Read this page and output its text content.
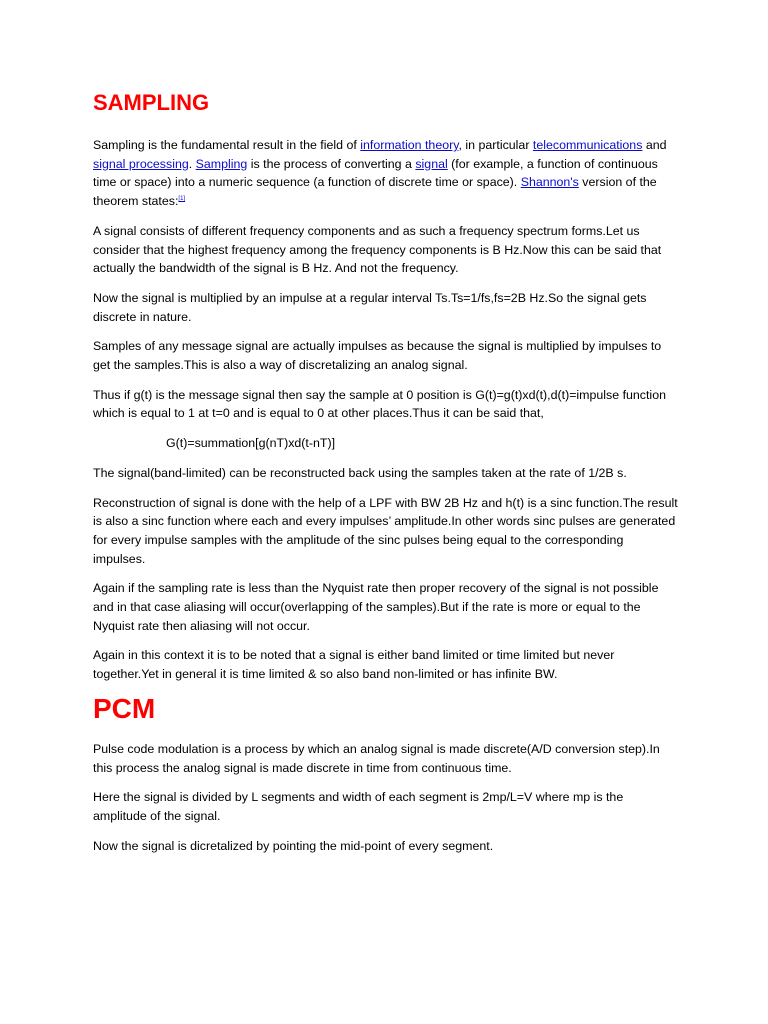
SAMPLING

Sampling is the fundamental result in the field of information theory, in particular telecommunications and signal processing. Sampling is the process of converting a signal (for example, a function of continuous time or space) into a numeric sequence (a function of discrete time or space). Shannon's version of the theorem states:[1]

A signal consists of different frequency components and as such a frequency spectrum forms.Let us consider that the highest frequency among the frequency components is B Hz.Now this can be said that actually the bandwidth of the signal is B Hz. And not the frequency.

Now the signal is multiplied by an impulse at a regular interval Ts.Ts=1/fs,fs=2B Hz.So the signal gets discrete in nature.

Samples of any message signal are actually impulses as because the signal is multiplied by impulses to get the samples.This is also a way of discretalizing an analog signal.

Thus if g(t) is the message signal then say the sample at 0 position is G(t)=g(t)xd(t),d(t)=impulse function which is equal to 1 at t=0 and is equal to 0 at other places.Thus it can be said that,

G(t)=summation[g(nT)xd(t-nT)]

The signal(band-limited) can be reconstructed back using the samples taken at the rate of 1/2B s.

Reconstruction of signal is done with the help of a LPF with BW 2B Hz and h(t) is a sinc function.The result is also a sinc function where each and every impulses’ amplitude.In other words sinc pulses are generated for every impulse samples with the amplitude of the sinc pulses being equal to the corresponding impulses.

Again if the sampling rate is less than the Nyquist rate then proper recovery of the signal is not possible and in that case aliasing will occur(overlapping of the samples).But if the rate is more or equal to the Nyquist rate then aliasing will not occur.

Again in this context it is to be noted that a signal is either band limited or time limited but never together.Yet in general it is time limited & so also band non-limited or has infinite BW.

PCM

Pulse code modulation is a process by which an analog signal is made discrete(A/D conversion step).In this process the analog signal is made discrete in time from continuous time.

Here the signal is divided by L segments and width of each segment is 2mp/L=V where mp is the amplitude of the signal.

Now the signal is dicretalized by pointing the mid-point of every segment.
